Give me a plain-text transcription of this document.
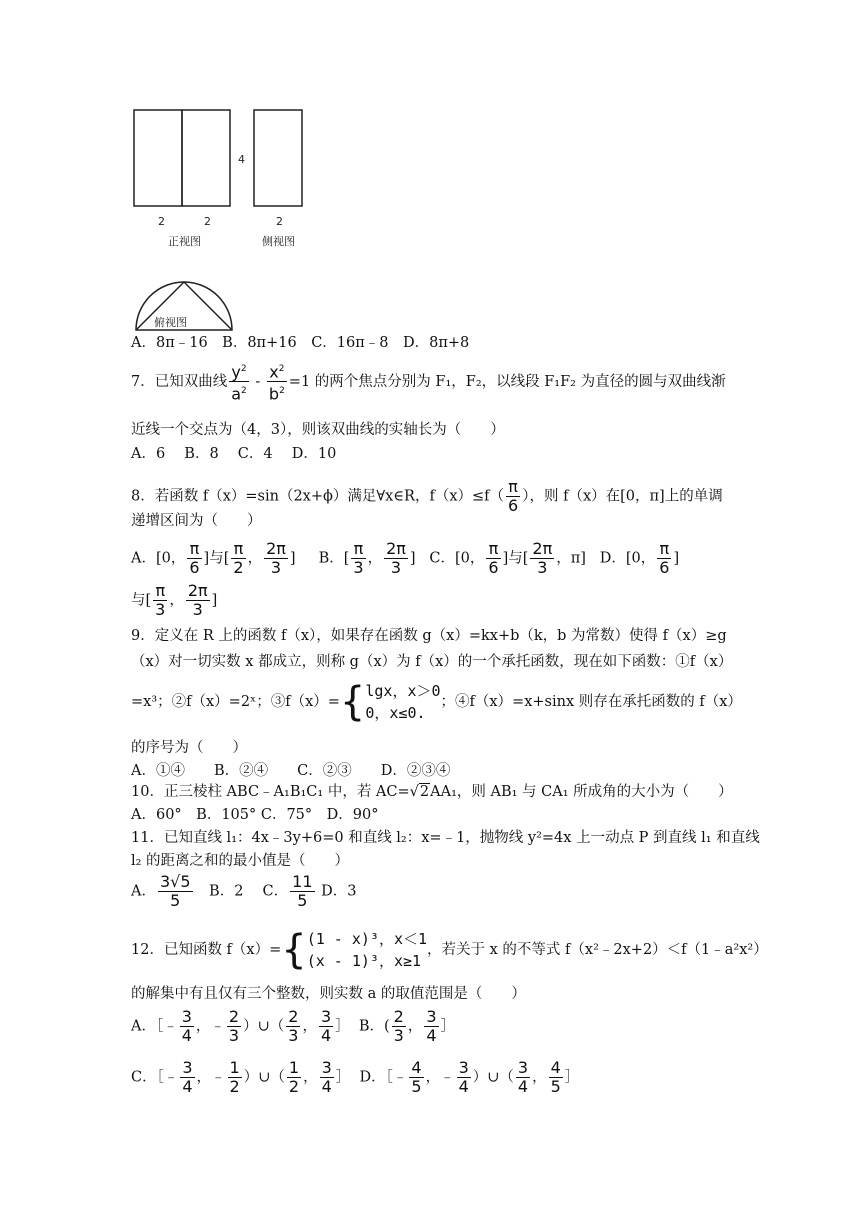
4
2	2	2
正视图	侧视图
俯视图
A．8π﹣16　B．8π+16　C．16π﹣8　D．8π+8
7．已知双曲线 $\frac{y^2}{a^2} - \frac{x^2}{b^2} =1$ 的两个焦点分别为 F₁，F₂，以线段 F₁F₂ 为直径的圆与双曲线渐
近线一个交点为（4，3），则该双曲线的实轴长为（　　）
A．6　 B．8　 C．4　 D．10
8．若函数 f（x）=sin（2x+ϕ）满足∀x∈R，$f(x)\le f( \frac{\pi}{6}$ ），则 f（x）在[0，π]上的单调
递增区间为（　　）
A．[0， $\frac{\pi}{6}$ ]与[ $\frac{\pi}{2}$ ， $\frac{2\pi}{3}$ ] B．[ $\frac{\pi}{3}$ ， $\frac{2\pi}{3}$ ] C．[0， $\frac{\pi}{6}$ ]与[ $\frac{2\pi}{3}$ ，π] D．[0， $\frac{\pi}{6}$ ]
与[ $\frac{\pi}{3}$ ， $\frac{2\pi}{3}$ ]
9．定义在 R 上的函数 f（x），如果存在函数 g（x）=kx+b（k，b 为常数）使得 f（x）≥g
（x）对一切实数 x 都成立，则称 g（x）为 f（x）的一个承托函数，现在如下函数：①f（x）
=x³；②f（x）=2ˣ；③f（x）={ lgx，x＞0
0，x≤0.
；④f（x）=x+sinx 则存在承托函数的 f（x）
的序号为（　　）
A．①④　　B．②④　　C．②③　　D．②③④
10．正三棱柱 ABC﹣A₁B₁C₁ 中，若 AC=√2AA₁，则 AB₁ 与 CA₁ 所成角的大小为（　　）
A．60°　B．105° C．75°　D．90°
11．已知直线 l₁：4x﹣3y+6=0 和直线 l₂：x=﹣1，抛物线 y²=4x 上一动点 P 到直线 l₁ 和直线
l₂ 的距离之和的最小值是（　　）
A． $\frac{3√5}{5}$ 　B．2　 C． $\frac{11}{5}$ D．3
12．已知函数 f（x）={ (1 - x)³，x＜1
(x - 1)³，x≥1
，若关于 x 的不等式 f（x²﹣2x+2）＜f（1﹣a²x²）
的解集中有且仅有三个整数，则实数 a 的取值范围是（　　）
A．［﹣ $\frac{3}{4}$ ，﹣ $\frac{2}{3}$ ）∪（ $\frac{2}{3}$ ， $\frac{3}{4}$ ］ B．( $\frac{2}{3}$ ， $\frac{3}{4}$ ］
C．［﹣ $\frac{3}{4}$ ，﹣ $\frac{1}{2}$ ）∪（ $\frac{1}{2}$ ， $\frac{3}{4}$ ］ D．［﹣ $\frac{4}{5}$ ，﹣ $\frac{3}{4}$ ）∪（ $\frac{3}{4}$ ， $\frac{4}{5}$ ］
